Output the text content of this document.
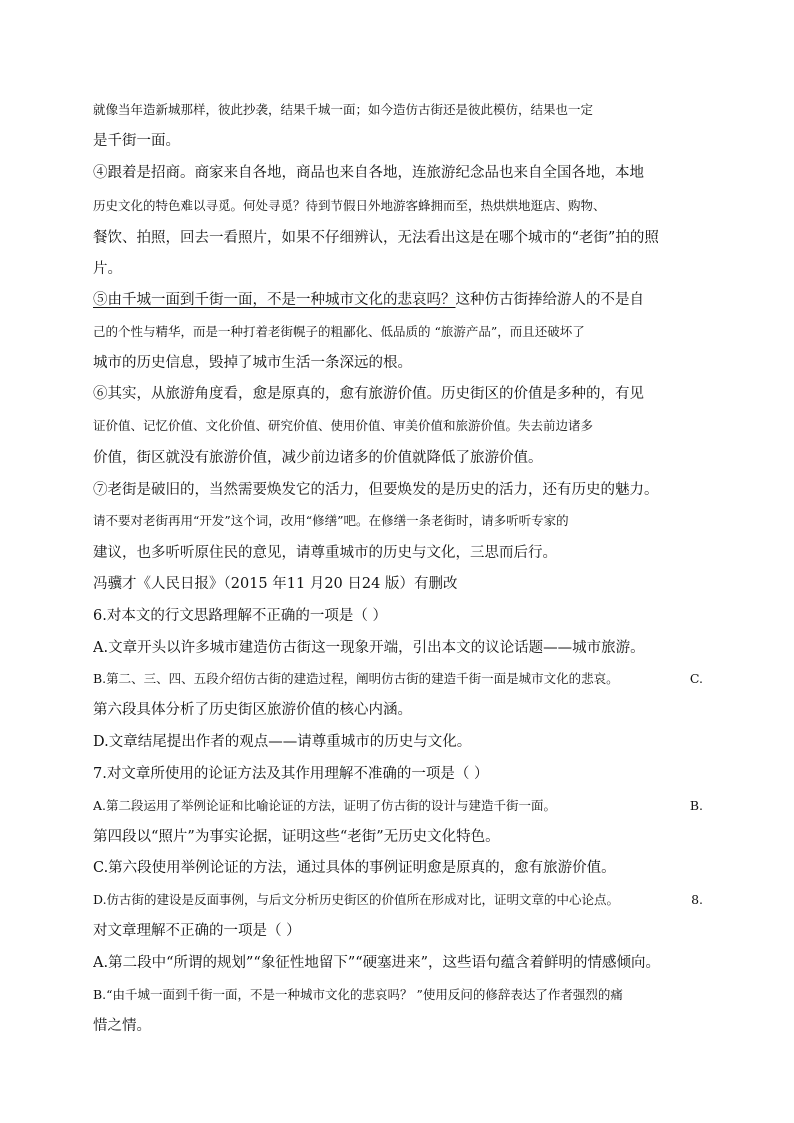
就像当年造新城那样，彼此抄袭，结果千城一面；如今造仿古街还是彼此模仿，结果也一定
是千街一面。
④跟着是招商。商家来自各地，商品也来自各地，连旅游纪念品也来自全国各地，本地
历史文化的特色难以寻觅。何处寻觅？待到节假日外地游客蜂拥而至，热烘烘地逛店、购物、
餐饮、拍照，回去一看照片，如果不仔细辨认，无法看出这是在哪个城市的“老街”拍的照
片。
⑤由千城一面到千街一面，不是一种城市文化的悲哀吗？这种仿古街捧给游人的不是自
己的个性与精华，而是一种打着老街幌子的粗鄙化、低品质的 “旅游产品”，而且还破坏了
城市的历史信息，毁掉了城市生活一条深远的根。
⑥其实，从旅游角度看，愈是原真的，愈有旅游价值。历史街区的价值是多种的，有见
证价值、记忆价值、文化价值、研究价值、使用价值、审美价值和旅游价值。失去前边诸多
价值，街区就没有旅游价值，减少前边诸多的价值就降低了旅游价值。
⑦老街是破旧的，当然需要焕发它的活力，但要焕发的是历史的活力，还有历史的魅力。
请不要对老街再用“开发”这个词，改用“修缮”吧。在修缮一条老街时，请多听听专家的
建议，也多听听原住民的意见，请尊重城市的历史与文化，三思而后行。
冯骥才《人民日报》（2015 年11 月20 日24 版）有删改
6.对本文的行文思路理解不正确的一项是（ ）
A.文章开头以许多城市建造仿古街这一现象开端，引出本文的议论话题——城市旅游。
B.第二、三、四、五段介绍仿古街的建造过程，阐明仿古街的建造千街一面是城市文化的悲哀。	C.
第六段具体分析了历史街区旅游价值的核心内涵。
D.文章结尾提出作者的观点——请尊重城市的历史与文化。
7.对文章所使用的论证方法及其作用理解不准确的一项是（ ）
A.第二段运用了举例论证和比喻论证的方法，证明了仿古街的设计与建造千街一面。	B.
第四段以“照片”为事实论据，证明这些“老街”无历史文化特色。
C.第六段使用举例论证的方法，通过具体的事例证明愈是原真的，愈有旅游价值。
D.仿古街的建设是反面事例，与后文分析历史街区的价值所在形成对比，证明文章的中心论点。	8.
对文章理解不正确的一项是（ ）
A.第二段中“所谓的规划”“象征性地留下”“硬塞进来”，这些语句蕴含着鲜明的情感倾向。
B.“由千城一面到千街一面，不是一种城市文化的悲哀吗？ ”使用反问的修辞表达了作者强烈的痛
惜之情。
